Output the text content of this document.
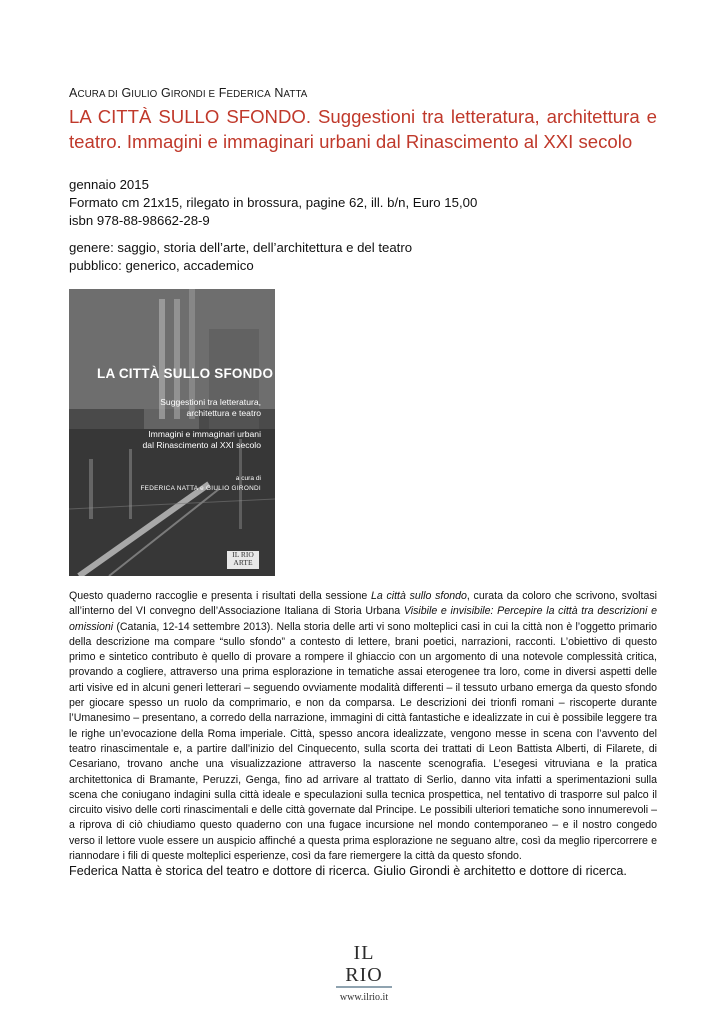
ACURA DI GIULIO GIRONDI E FEDERICA NATTA
LA CITTÀ SULLO SFONDO. Suggestioni tra letteratura, architettura e teatro. Immagini e immaginari urbani dal Rinascimento al XXI secolo
gennaio 2015
Formato cm 21x15, rilegato in brossura, pagine 62, ill. b/n, Euro 15,00
isbn 978-88-98662-28-9
genere: saggio, storia dell’arte, dell’architettura e del teatro
pubblico: generico, accademico
LA CITTÀ SULLO SFONDO
Suggestioni tra letteratura,
architettura e teatro
Immagini e immaginari urbani
dal Rinascimento al XXI secolo
a cura di
FEDERICA NATTA e GIULIO GIRONDI
IL RIO
ARTE
Questo quaderno raccoglie e presenta i risultati della sessione La città sullo sfondo, curata da coloro che scrivono, svoltasi all’interno del VI convegno dell’Associazione Italiana di Storia Urbana Visibile e invisibile: Percepire la città tra descrizioni e omissioni (Catania, 12-14 settembre 2013). Nella storia delle arti vi sono molteplici casi in cui la città non è l’oggetto primario della descrizione ma compare “sullo sfondo” a contesto di lettere, brani poetici, narrazioni, racconti. L’obiettivo di questo primo e sintetico contributo è quello di provare a rompere il ghiaccio con un argomento di una notevole complessità critica, provando a cogliere, attraverso una prima esplorazione in tematiche assai eterogenee tra loro, come in diversi aspetti delle arti visive ed in alcuni generi letterari – seguendo ovviamente modalità differenti – il tessuto urbano emerga da questo sfondo per giocare spesso un ruolo da comprimario, e non da comparsa. Le descrizioni dei trionfi romani – riscoperte durante l’Umanesimo – presentano, a corredo della narrazione, immagini di città fantastiche e idealizzate in cui è possibile leggere tra le righe un’evocazione della Roma imperiale. Città, spesso ancora idealizzate, vengono messe in scena con l’avvento del teatro rinascimentale e, a partire dall’inizio del Cinquecento, sulla scorta dei trattati di Leon Battista Alberti, di Filarete, di Cesariano, trovano anche una visualizzazione attraverso la nascente scenografia. L’esegesi vitruviana e la pratica architettonica di Bramante, Peruzzi, Genga, fino ad arrivare al trattato di Serlio, danno vita infatti a sperimentazioni sulla scena che coniugano indagini sulla città ideale e speculazioni sulla tecnica prospettica, nel tentativo di trasporre sul palco il circuito visivo delle corti rinascimentali e delle città governate dal Principe. Le possibili ulteriori tematiche sono innumerevoli – a riprova di ciò chiudiamo questo quaderno con una fugace incursione nel mondo contemporaneo – e il nostro congedo verso il lettore vuole essere un auspicio affinché a questa prima esplorazione ne seguano altre, così da meglio ripercorrere e riannodare i fili di queste molteplici esperienze, così da fare riemergere la città da questo sfondo.
Federica Natta è storica del teatro e dottore di ricerca. Giulio Girondi è architetto e dottore di ricerca.
IL RIO
www.ilrio.it
